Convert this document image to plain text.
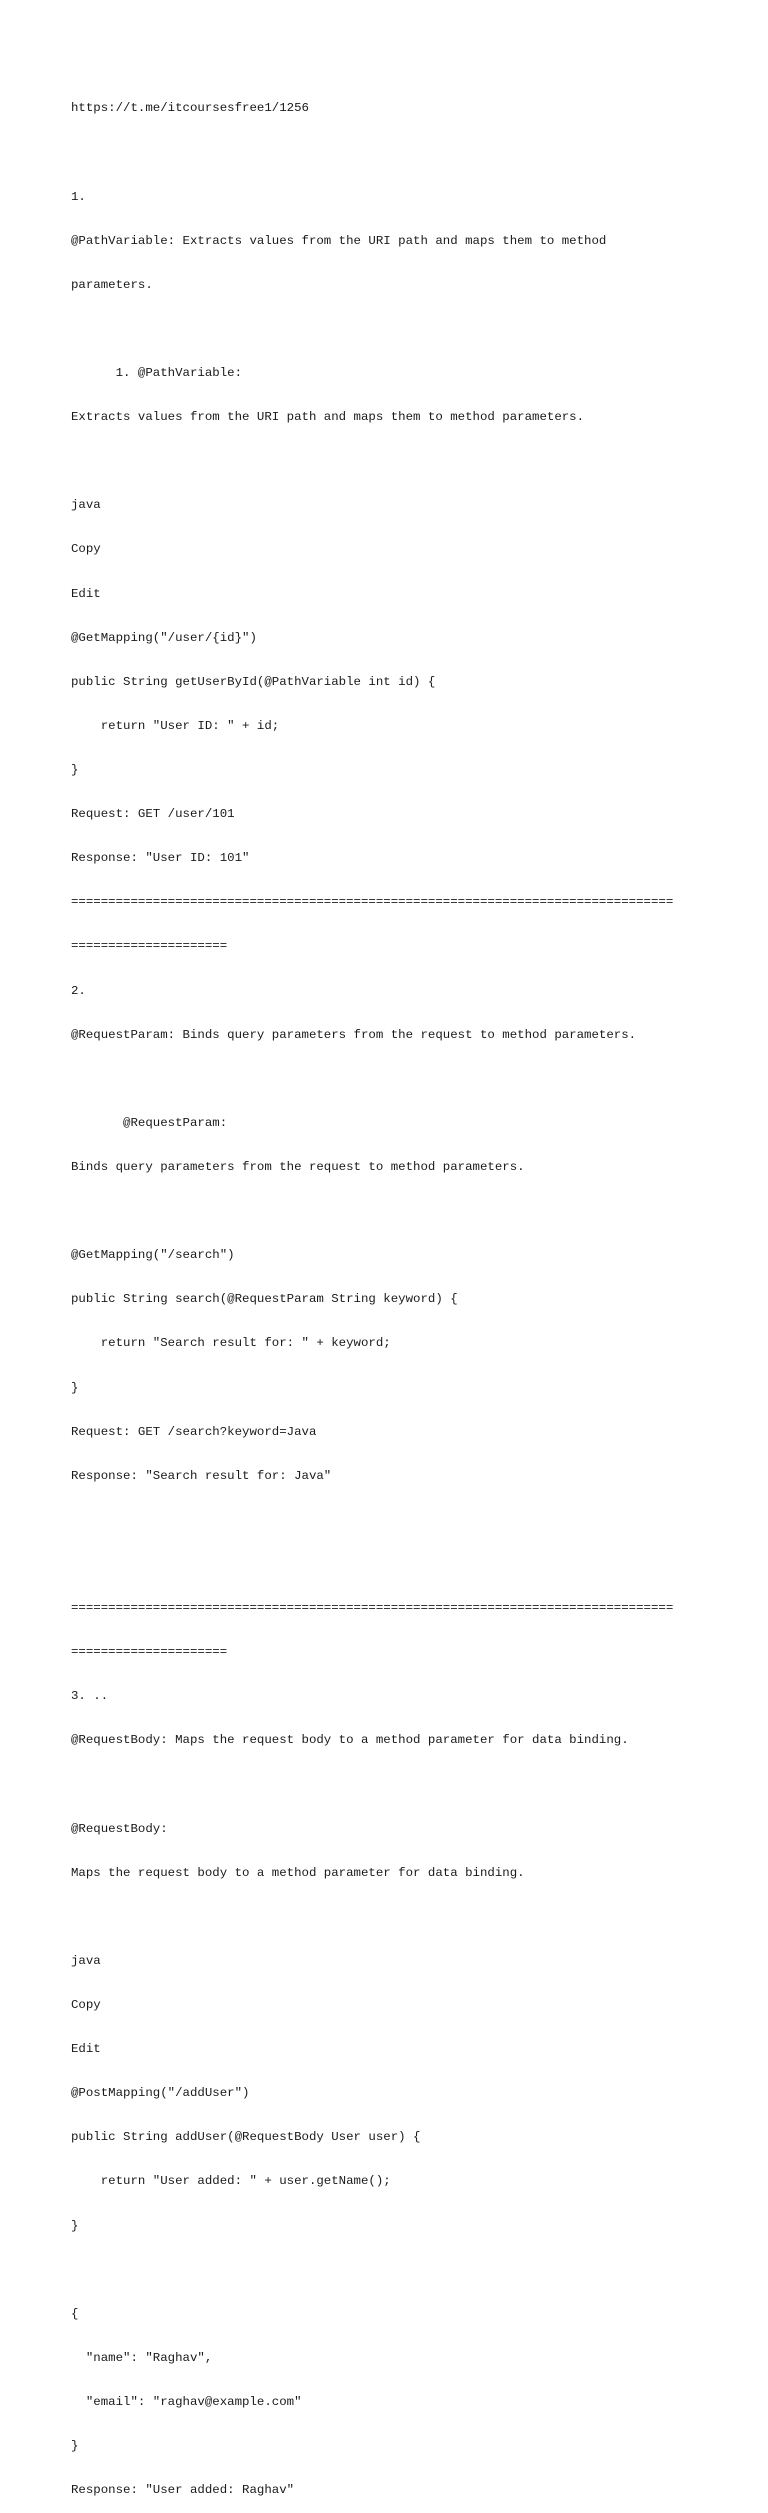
https://t.me/itcoursesfree1/1256

1.

@PathVariable: Extracts values from the URI path and maps them to method

parameters.

1. @PathVariable:

Extracts values from the URI path and maps them to method parameters.

java

Copy

Edit

@GetMapping("/user/{id}")

public String getUserById(@PathVariable int id) {

return "User ID: " + id;

}

Request: GET /user/101

Response: "User ID: 101"

=================================================================================

=====================

2.

@RequestParam: Binds query parameters from the request to method parameters.

@RequestParam:

Binds query parameters from the request to method parameters.

@GetMapping("/search")

public String search(@RequestParam String keyword) {

return "Search result for: " + keyword;

}

Request: GET /search?keyword=Java

Response: "Search result for: Java"

=================================================================================

=====================

3. ..

@RequestBody: Maps the request body to a method parameter for data binding.

@RequestBody:

Maps the request body to a method parameter for data binding.

java

Copy

Edit

@PostMapping("/addUser")

public String addUser(@RequestBody User user) {

return "User added: " + user.getName();

}

{

"name": "Raghav",

"email": "raghav@example.com"

}

Response: "User added: Raghav"
